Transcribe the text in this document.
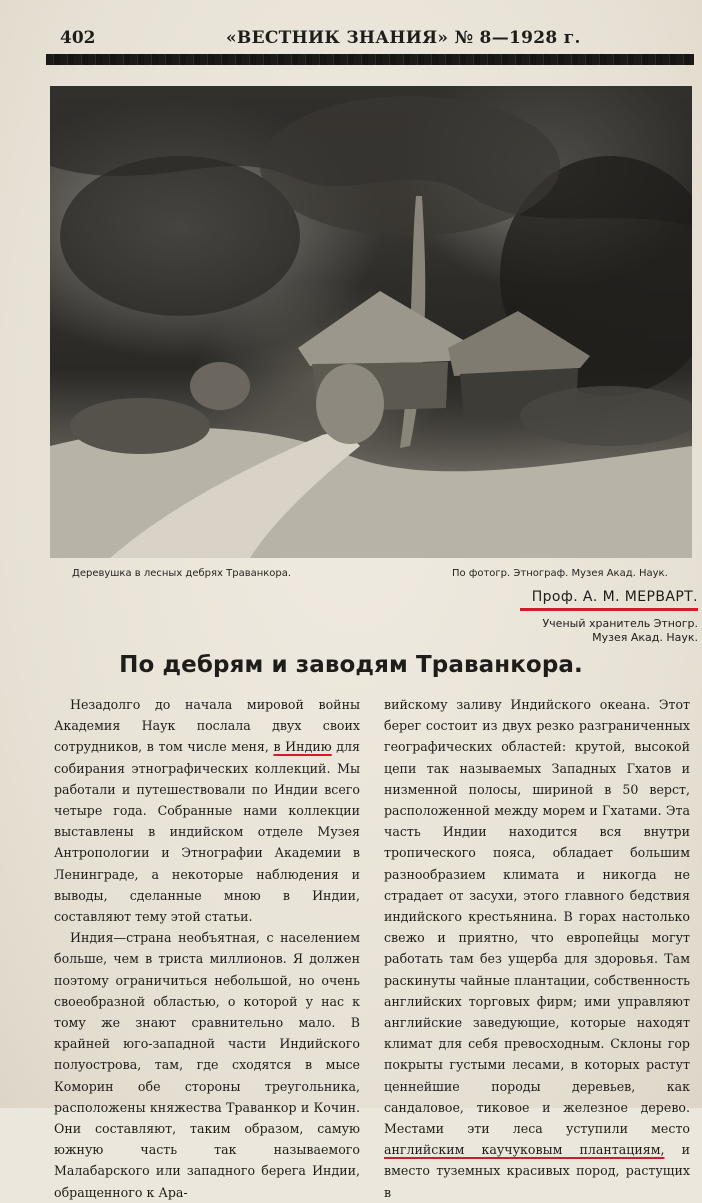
402	«ВЕСТНИК ЗНАНИЯ» № 8—1928 г.
Деревушка в лесных дебрях Траванкора.	По фотогр. Этнограф. Музея Акад. Наук.
Проф. А. М. МЕРВАРТ.
Ученый хранитель Этногр.
Музея Акад. Наук.
По дебрям и заводям Траванкора.

Незадолго до начала мировой войны Академия Наук послала двух своих сотрудников, в том числе меня, в Индию для собирания этнографических коллекций. Мы работали и путешествовали по Индии всего четыре года. Собранные нами коллекции выставлены в индийском отделе Музея Антропологии и Этнографии Академии в Ленинграде, а некоторые наблюдения и выводы, сделанные мною в Индии, составляют тему этой статьи.

Индия—страна необъятная, с населением больше, чем в триста миллионов. Я должен поэтому ограничиться небольшой, но очень своеобразной областью, о которой у нас к тому же знают сравнительно мало. В крайней юго-западной части Индийского полуострова, там, где сходятся в мысе Коморин обе стороны треугольника, расположены княжества Траванкор и Кочин. Они составляют, таким образом, самую южную часть так называемого Малабарского или западного берега Индии, обращенного к Ара-

вийскому заливу Индийского океана. Этот берег состоит из двух резко разграниченных географических областей: крутой, высокой цепи так называемых Западных Гхатов и низменной полосы, шириной в 50 верст, расположенной между морем и Гхатами. Эта часть Индии находится вся внутри тропического пояса, обладает большим разнообразием климата и никогда не страдает от засухи, этого главного бедствия индийского крестьянина. В горах настолько свежо и приятно, что европейцы могут работать там без ущерба для здоровья. Там раскинуты чайные плантации, собственность английских торговых фирм; ими управляют английские заведующие, которые находят климат для себя превосходным. Склоны гор покрыты густыми лесами, в которых растут ценнейшие породы деревьев, как сандаловое, тиковое и железное дерево. Местами эти леса уступили место английским каучуковым плантациям, и вместо туземных красивых пород, растущих в
